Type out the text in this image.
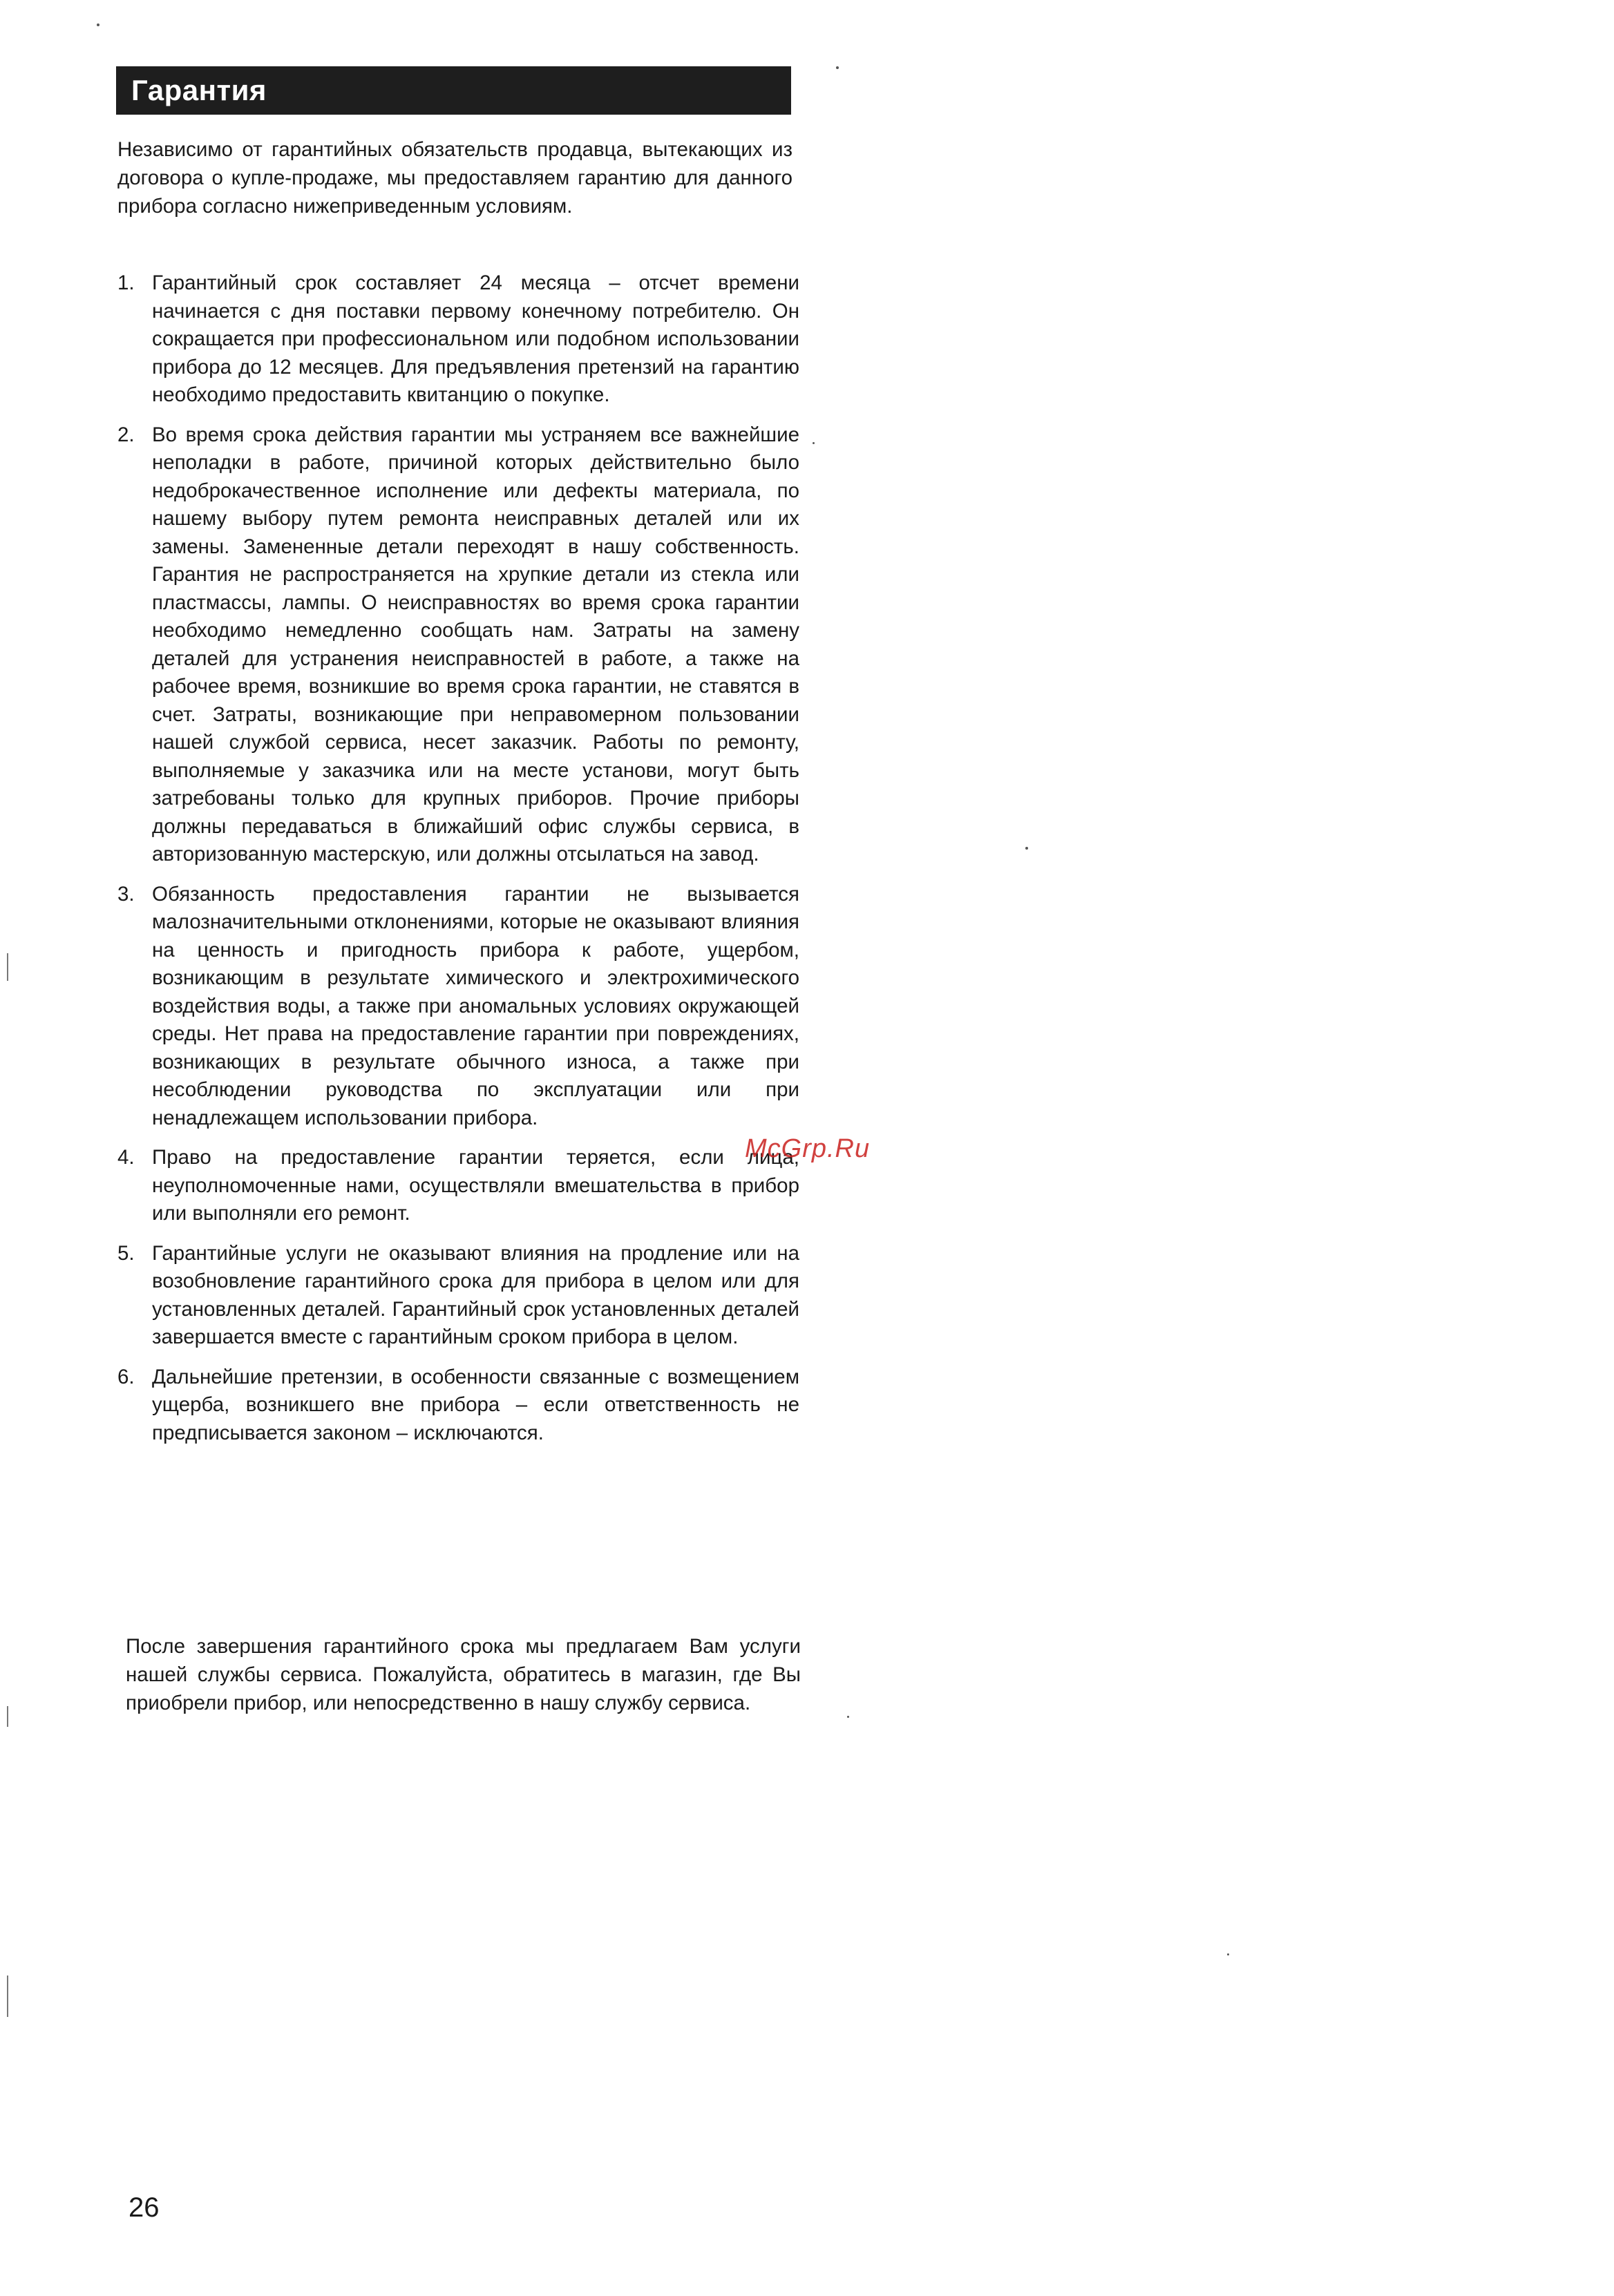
Гарантия

Независимо от гарантийных обязательств продавца, вытекающих из договора о купле-продаже, мы предоставляем гарантию для данного прибора согласно нижеприведенным условиям.

1. Гарантийный срок составляет 24 месяца – отсчет времени начинается с дня поставки первому конечному потребителю. Он сокращается при профессиональном или подобном использовании прибора до 12 месяцев. Для предъявления претензий на гарантию необходимо предоставить квитанцию о покупке.
2. Во время срока действия гарантии мы устраняем все важнейшие неполадки в работе, причиной которых действительно было недоброкачественное исполнение или дефекты материала, по нашему выбору путем ремонта неисправных деталей или их замены. Замененные детали переходят в нашу собственность. Гарантия не распространяется на хрупкие детали из стекла или пластмассы, лампы. О неисправностях во время срока гарантии необходимо немедленно сообщать нам. Затраты на замену деталей для устранения неисправностей в работе, а также на рабочее время, возникшие во время срока гарантии, не ставятся в счет. Затраты, возникающие при неправомерном пользовании нашей службой сервиса, несет заказчик. Работы по ремонту, выполняемые у заказчика или на месте установи, могут быть затребованы только для крупных приборов. Прочие приборы должны передаваться в ближайший офис службы сервиса, в авторизованную мастерскую, или должны отсылаться на завод.
3. Обязанность предоставления гарантии не вызывается малозначительными отклонениями, которые не оказывают влияния на ценность и пригодность прибора к работе, ущербом, возникающим в результате химического и электрохимического воздействия воды, а также при аномальных условиях окружающей среды. Нет права на предоставление гарантии при повреждениях, возникающих в результате обычного износа, а также при несоблюдении руководства по эксплуатации или при ненадлежащем использовании прибора.
4. Право на предоставление гарантии теряется, если лица, неуполномоченные нами, осуществляли вмешательства в прибор или выполняли его ремонт.
5. Гарантийные услуги не оказывают влияния на продление или на возобновление гарантийного срока для прибора в целом или для установленных деталей. Гарантийный срок установленных деталей завершается вместе с гарантийным сроком прибора в целом.
6. Дальнейшие претензии, в особенности связанные с возмещением ущерба, возникшего вне прибора – если ответственность не предписывается законом – исключаются.

После завершения гарантийного срока мы предлагаем Вам услуги нашей службы сервиса. Пожалуйста, обратитесь в магазин, где Вы приобрели прибор, или непосредственно в нашу службу сервиса.

McGrp.Ru
26
